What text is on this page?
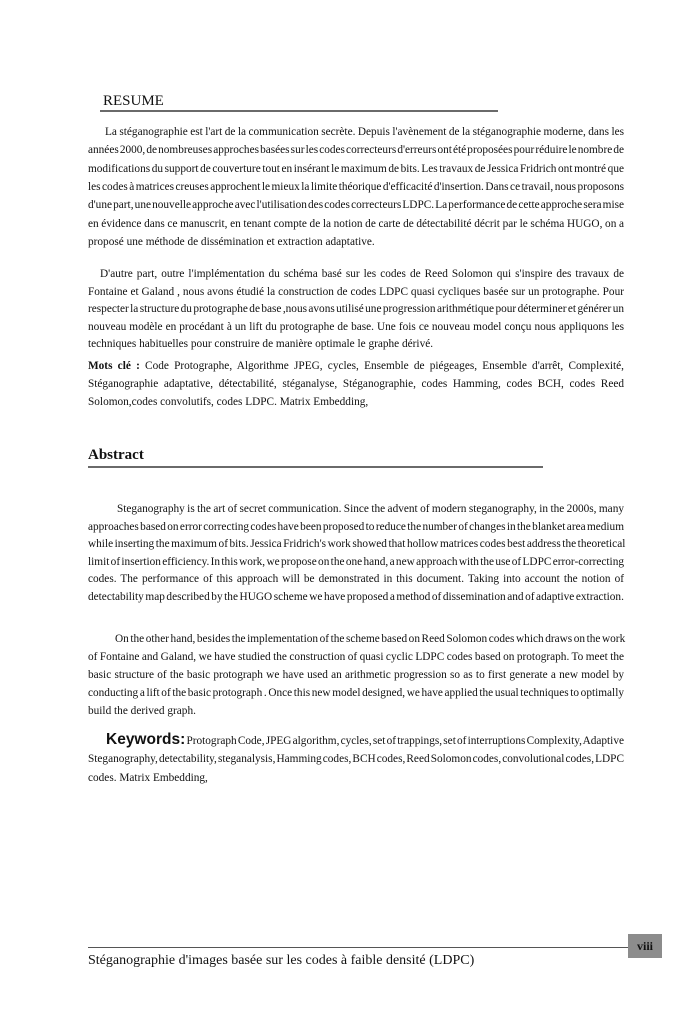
RESUME
Abstract
La stéganographie est l'art de la communication secrète. Depuis l'avènement de la stéganographie moderne, dans les
années 2000, de nombreuses approches basées sur les codes correcteurs d'erreurs ont été proposées pour réduire le nombre de
modifications du support de couverture tout en insérant le maximum de bits. Les travaux de Jessica Fridrich ont montré que
les codes à matrices creuses approchent le mieux la limite théorique d'efficacité d'insertion. Dans ce travail, nous proposons
d'une part, une nouvelle approche avec l'utilisation des codes correcteurs LDPC. La performance de cette approche sera mise
en évidence dans ce manuscrit, en tenant compte de la notion de carte de détectabilité décrit par le schéma HUGO, on a
proposé une méthode de dissémination et extraction adaptative.
D'autre part, outre l'implémentation du schéma basé sur les codes de Reed Solomon qui s'inspire des travaux de
Fontaine et Galand , nous avons étudié la construction de codes LDPC quasi cycliques basée sur un protographe. Pour
respecter la structure du protographe de base ,nous avons utilisé une progression arithmétique pour déterminer et générer un
nouveau modèle en procédant à un lift du protographe de base. Une fois ce nouveau model conçu nous appliquons les
techniques habituelles pour construire de manière optimale le graphe dérivé.
Mots clé : Code Protographe, Algorithme JPEG, cycles, Ensemble de piégeages, Ensemble d'arrêt, Complexité,
Stéganographie adaptative, détectabilité, stéganalyse, Stéganographie, codes Hamming, codes BCH, codes Reed
Solomon,codes convolutifs, codes LDPC. Matrix Embedding,
Steganography is the art of secret communication. Since the advent of modern steganography, in the 2000s, many
approaches based on error correcting codes have been proposed to reduce the number of changes in the blanket area medium
while inserting the maximum of bits. Jessica Fridrich's work showed that hollow matrices codes best address the theoretical
limit of insertion efficiency. In this work, we propose on the one hand, a new approach with the use of LDPC error-correcting
codes. The performance of this approach will be demonstrated in this document. Taking into account the notion of
detectability map described by the HUGO scheme we have proposed a method of dissemination and of adaptive extraction.
On the other hand, besides the implementation of the scheme based on Reed Solomon codes which draws on the work
of Fontaine and Galand, we have studied the construction of quasi cyclic LDPC codes based on protograph. To meet the
basic structure of the basic protograph we have used an arithmetic progression so as to first generate a new model by
conducting a lift of the basic protograph . Once this new model designed, we have applied the usual techniques to optimally
build the derived graph.
Keywords: Protograph Code, JPEG algorithm, cycles, set of trappings, set of interruptions Complexity, Adaptive
Steganography, detectability, steganalysis, Hamming codes, BCH codes, Reed Solomon codes, convolutional codes, LDPC
codes. Matrix Embedding,
viii
Stéganographie d'images basée sur les codes à faible densité (LDPC)
